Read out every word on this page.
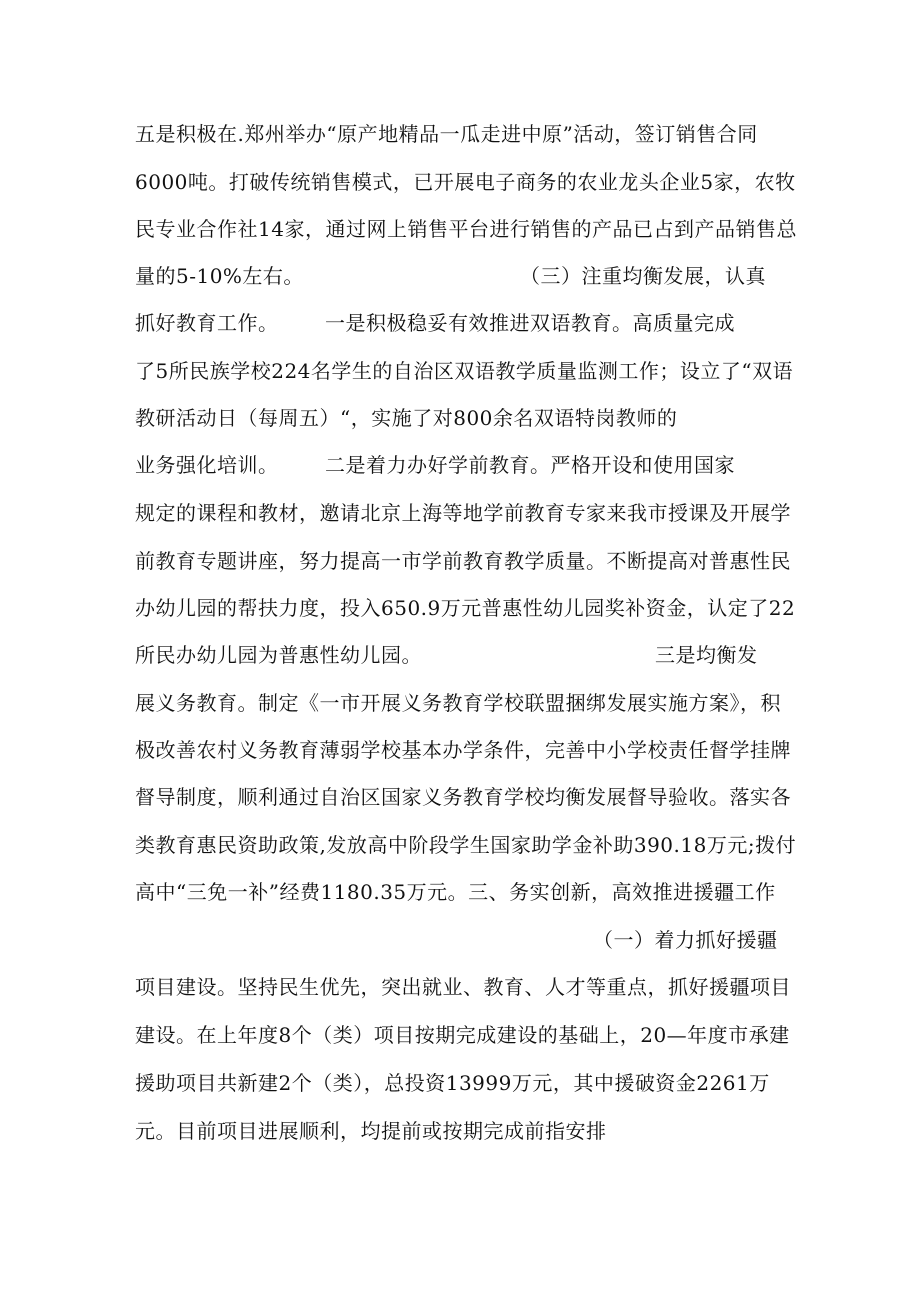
五是积极在.郑州举办“原产地精品一瓜走进中原”活动，签订销售合同
6000吨。打破传统销售模式，已开展电子商务的农业龙头企业5家，农牧
民专业合作社14家，通过网上销售平台进行销售的产品已占到产品销售总
量的5-10%左右。	（三）注重均衡发展，认真
抓好教育工作。 一是积极稳妥有效推进双语教育。高质量完成
了5所民族学校224名学生的自治区双语教学质量监测工作；设立了“双语
教研活动日（每周五）“，实施了对800余名双语特岗教师的
业务强化培训。 二是着力办好学前教育。严格开设和使用国家
规定的课程和教材，邀请北京上海等地学前教育专家来我市授课及开展学
前教育专题讲座，努力提高一市学前教育教学质量。不断提高对普惠性民
办幼儿园的帮扶力度，投入650.9万元普惠性幼儿园奖补资金，认定了22
所民办幼儿园为普惠性幼儿园。	三是均衡发
展义务教育。制定《一市开展义务教育学校联盟捆绑发展实施方案》，积
极改善农村义务教育薄弱学校基本办学条件，完善中小学校责任督学挂牌
督导制度，顺利通过自治区国家义务教育学校均衡发展督导验收。落实各
类教育惠民资助政策,发放高中阶段学生国家助学金补助390.18万元;拨付
高中“三免一补”经费1180.35万元。三、务实创新，高效推进援疆工作
（一）着力抓好援疆
项目建设。坚持民生优先，突出就业、教育、人才等重点，抓好援疆项目
建设。在上年度8个（类）项目按期完成建设的基础上，20—年度市承建
援助项目共新建2个（类），总投资13999万元，其中援破资金2261万
元。目前项目进展顺利，均提前或按期完成前指安排
